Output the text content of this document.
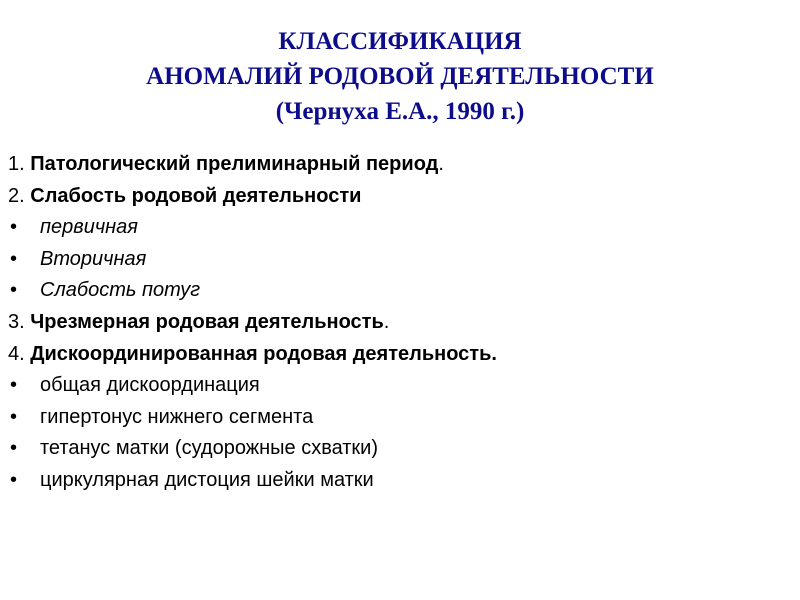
КЛАССИФИКАЦИЯ
АНОМАЛИЙ РОДОВОЙ ДЕЯТЕЛЬНОСТИ
(Чернуха Е.А., 1990 г.)
1. Патологический прелиминарный период.
2. Слабость родовой деятельности
• первичная
• Вторичная
• Слабость потуг
3. Чрезмерная родовая деятельность.
4. Дискоординированная родовая деятельность.
• общая дискоординация
• гипертонус нижнего сегмента
• тетанус матки (судорожные схватки)
• циркулярная дистоция шейки матки
